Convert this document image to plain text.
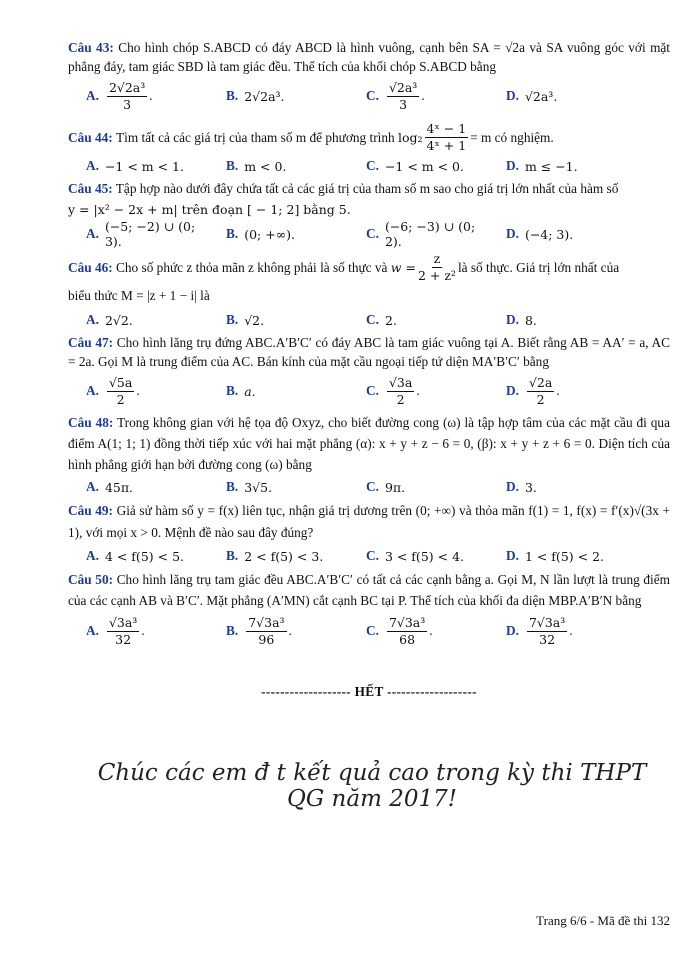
Câu 43: Cho hình chóp S.ABCD có đáy ABCD là hình vuông, cạnh bên SA = √2a và SA vuông góc với mặt phẳng đáy, tam giác SBD là tam giác đều. Thể tích của khối chóp S.ABCD bằng
A. $\frac{\text{2√2a³}}{3}$ .	B. 2√2a³.	C. $\frac{\text{√2a³}}{3}$ .	D. √2a³.
Câu 44:
Tìm tất cả các giá trị của tham số m để phương trình
$\log_2 \frac{\text{4ˣ − 1}}{\text{4ˣ + 1}} = m$ có nghiệm.
A. −1 < m < 1.	B. m < 0.	C. −1 < m < 0.	D. m ≤ −1.
Câu 45: Tập hợp nào dưới đây chứa tất cả các giá trị của tham số m sao cho giá trị lớn nhất của hàm số
y = |x² − 2x + m| trên đoạn [ − 1; 2] bằng 5.
A. (−5; −2) ∪ (0; 3).
B. (0; +∞).	C. (−6; −3) ∪ (0; 2).
D. (−4; 3).
Câu 46:
Cho số phức z thỏa mãn z không phải là số thực và
$w = \frac{z}{\text{2 + z²}}$ là số thực. Giá trị lớn nhất của
biểu thức M = |z + 1 − i| là
A. 2√2.	B. √2.	C. 2.	D. 8.
Câu 47: Cho hình lăng trụ đứng ABC.A′B′C′ có đáy ABC là tam giác vuông tại A. Biết rằng AB = AA′ = a, AC = 2a. Gọi M là trung điểm của AC. Bán kính của mặt cầu ngoại tiếp tứ diện MA′B′C′ bằng
A. $\frac{√5a}{2}$ .	B. a.	C. $\frac{√3a}{2}$ .	D. $\frac{√2a}{2}$ .
Câu 48: Trong không gian với hệ tọa độ Oxyz, cho biết đường cong (ω) là tập hợp tâm của các mặt cầu đi qua điểm A(1; 1; 1) đồng thời tiếp xúc với hai mặt phẳng (α): x + y + z − 6 = 0, (β): x + y + z + 6 = 0. Diện tích của hình phẳng giới hạn bởi đường cong (ω) bằng
A. 45π.	B. 3√5.	C. 9π.	D. 3.
Câu 49: Giả sử hàm số y = f(x) liên tục, nhận giá trị dương trên (0; +∞) và thỏa mãn f(1) = 1, f(x) = f′(x)√(3x + 1), với mọi x > 0. Mệnh đề nào sau đây đúng?
A. 4 < f(5) < 5.	B. 2 < f(5) < 3.	C. 3 < f(5) < 4.	D. 1 < f(5) < 2.
Câu 50: Cho hình lăng trụ tam giác đều ABC.A′B′C′ có tất cả các cạnh bằng a. Gọi M, N lần lượt là trung điểm của các cạnh AB và B′C′. Mặt phẳng (A′MN) cắt cạnh BC tại P. Thể tích của khối đa diện MBP.A′B′N bằng
A. $\frac{\text{√3a³}}{32}$ .	B. $\frac{\text{7√3a³}}{96}$ .	C. $\frac{\text{7√3a³}}{68}$ .	D. $\frac{\text{7√3a³}}{32}$ .
------------------- HẾT -------------------
Chúc các em đ t kết quả cao trong kỳ thi THPT QG năm 2017!
Trang 6/6 - Mã đề thi 132
